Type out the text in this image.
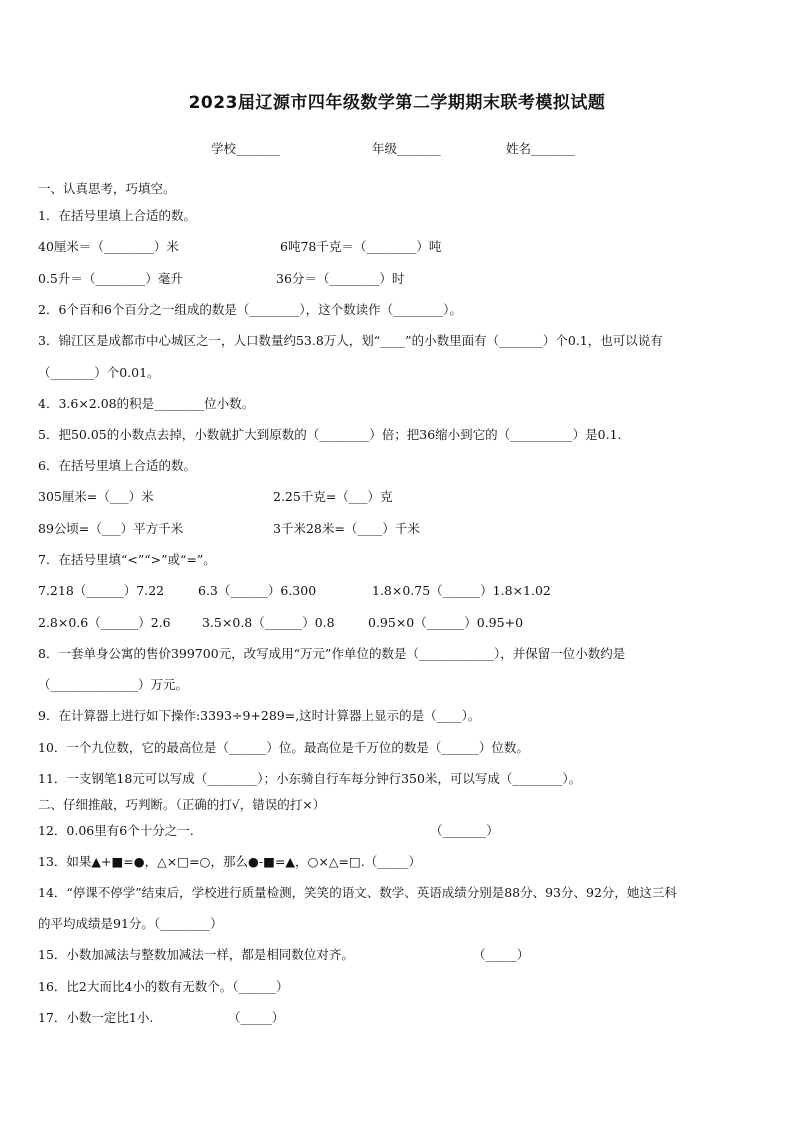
2023届辽源市四年级数学第二学期期末联考模拟试题
学校_______	年级_______	姓名_______
一、认真思考，巧填空。
1．在括号里填上合适的数。
40厘米＝（________）米	6吨78千克＝（________）吨
0.5升＝（________）毫升	36分＝（________）时
2．6个百和6个百分之一组成的数是（________），这个数读作（________）。
3．锦江区是成都市中心城区之一，人口数量约53.8万人，划“____”的小数里面有（_______）个0.1，也可以说有
（_______）个0.01。
4．3.6×2.08的积是________位小数。
5．把50.05的小数点去掉，小数就扩大到原数的（________）倍；把36缩小到它的（__________）是0.1.
6．在括号里填上合适的数。
305厘米=（___）米	2.25千克=（___）克
89公顷=（___）平方千米	3千米28米=（____）千米
7．在括号里填“<”“>”或“=”。
7.218（______）7.22	6.3（______）6.300	1.8×0.75（______）1.8×1.02
2.8×0.6（______）2.6	3.5×0.8（______）0.8	0.95×0（______）0.95+0
8．一套单身公寓的售价399700元，改写成用“万元”作单位的数是（____________），并保留一位小数约是
（______________）万元。
9．在计算器上进行如下操作:3393÷9+289=,这时计算器上显示的是（____）。
10．一个九位数，它的最高位是（______）位。最高位是千万位的数是（______）位数。
11．一支钢笔18元可以写成（________）；小东骑自行车每分钟行350米，可以写成（________）。
二、仔细推敲，巧判断。（正确的打√，错误的打×）
12．0.06里有6个十分之一.	（_______）
13．如果▲+■=●，△×□=○，那么●-■=▲，○×△=□.（_____）
14．“停课不停学”结束后，学校进行质量检测，笑笑的语文、数学、英语成绩分别是88分、93分、92分，她这三科
的平均成绩是91分。（________）
15．小数加减法与整数加减法一样，都是相同数位对齐。	（_____）
16．比2大而比4小的数有无数个。（______）
17．小数一定比1小.	（_____）
